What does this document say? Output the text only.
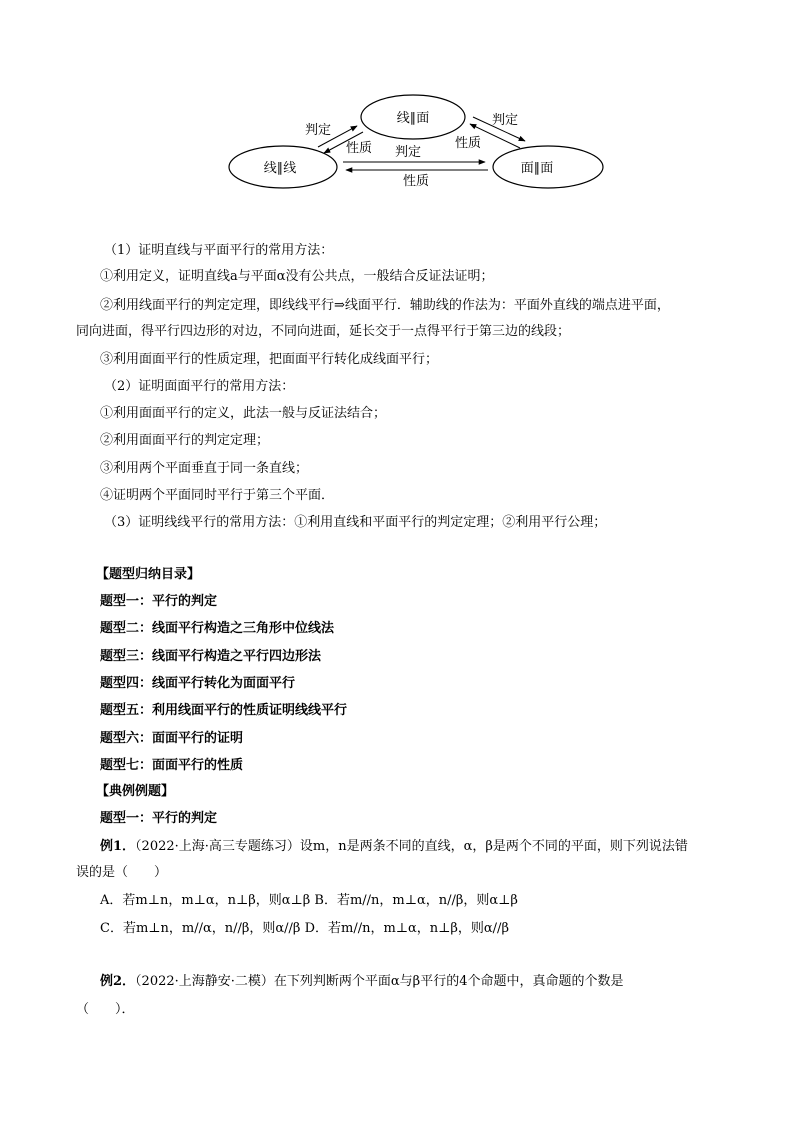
线∥面
线∥线	面∥面
判定
性质
判定
性质
判定
性质
（1）证明直线与平面平行的常用方法：
①利用定义，证明直线a与平面α没有公共点，一般结合反证法证明；
②利用线面平行的判定定理，即线线平行⇒线面平行．辅助线的作法为：平面外直线的端点进平面，
同向进面，得平行四边形的对边，不同向进面，延长交于一点得平行于第三边的线段；
③利用面面平行的性质定理，把面面平行转化成线面平行；
（2）证明面面平行的常用方法：
①利用面面平行的定义，此法一般与反证法结合；
②利用面面平行的判定定理；
③利用两个平面垂直于同一条直线；
④证明两个平面同时平行于第三个平面．
（3）证明线线平行的常用方法：①利用直线和平面平行的判定定理；②利用平行公理；
【题型归纳目录】
题型一：平行的判定
题型二：线面平行构造之三角形中位线法
题型三：线面平行构造之平行四边形法
题型四：线面平行转化为面面平行
题型五：利用线面平行的性质证明线线平行
题型六：面面平行的证明
题型七：面面平行的性质
【典例例题】
题型一：平行的判定
例1．（2022·上海·高三专题练习）设m，n是两条不同的直线，α，β是两个不同的平面，则下列说法错
误的是（　　）
A．若m⊥n，m⊥α，n⊥β，则α⊥β B．若m//n，m⊥α，n//β，则α⊥β
C．若m⊥n，m//α，n//β，则α//β D．若m//n，m⊥α，n⊥β，则α//β
例2．（2022·上海静安·二模）在下列判断两个平面α与β平行的4个命题中，真命题的个数是
（　　）．
